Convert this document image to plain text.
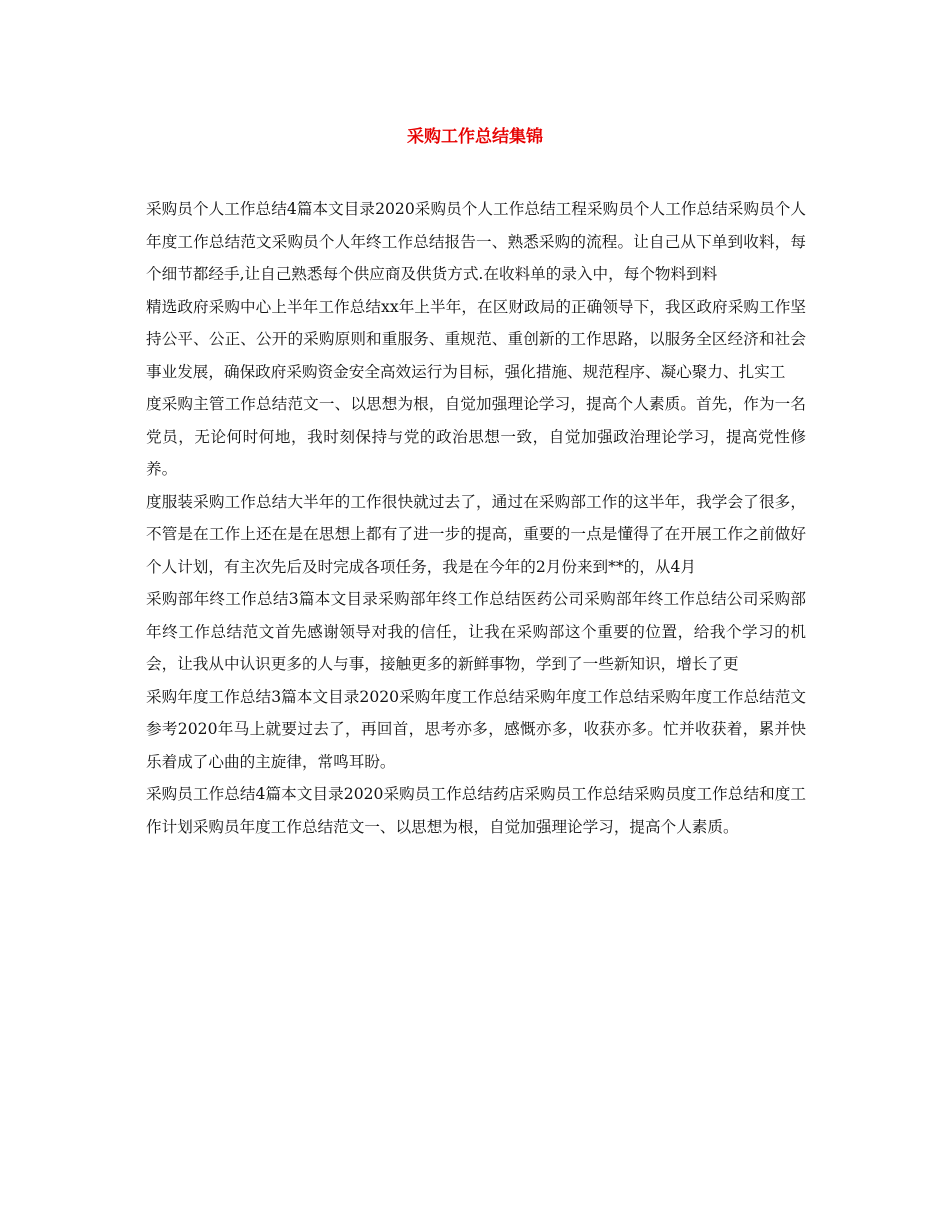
采购工作总结集锦

采购员个人工作总结4篇本文目录2020采购员个人工作总结工程采购员个人工作总结采购员个人年度工作总结范文采购员个人年终工作总结报告一、熟悉采购的流程。让自己从下单到收料，每个细节都经手,让自己熟悉每个供应商及供货方式.在收料单的录入中，每个物料到料

精选政府采购中心上半年工作总结xx年上半年，在区财政局的正确领导下，我区政府采购工作坚持公平、公正、公开的采购原则和重服务、重规范、重创新的工作思路，以服务全区经济和社会事业发展，确保政府采购资金安全高效运行为目标，强化措施、规范程序、凝心聚力、扎实工

度采购主管工作总结范文一、以思想为根，自觉加强理论学习，提高个人素质。首先，作为一名党员，无论何时何地，我时刻保持与党的政治思想一致，自觉加强政治理论学习，提高党性修养。

度服装采购工作总结大半年的工作很快就过去了，通过在采购部工作的这半年，我学会了很多，不管是在工作上还在是在思想上都有了进一步的提高，重要的一点是懂得了在开展工作之前做好个人计划，有主次先后及时完成各项任务，我是在今年的2月份来到**的，从4月

采购部年终工作总结3篇本文目录采购部年终工作总结医药公司采购部年终工作总结公司采购部年终工作总结范文首先感谢领导对我的信任，让我在采购部这个重要的位置，给我个学习的机会，让我从中认识更多的人与事，接触更多的新鲜事物，学到了一些新知识，增长了更

采购年度工作总结3篇本文目录2020采购年度工作总结采购年度工作总结采购年度工作总结范文参考2020年马上就要过去了，再回首，思考亦多，感慨亦多，收获亦多。忙并收获着，累并快乐着成了心曲的主旋律，常鸣耳盼。

采购员工作总结4篇本文目录2020采购员工作总结药店采购员工作总结采购员度工作总结和度工作计划采购员年度工作总结范文一、以思想为根，自觉加强理论学习，提高个人素质。
